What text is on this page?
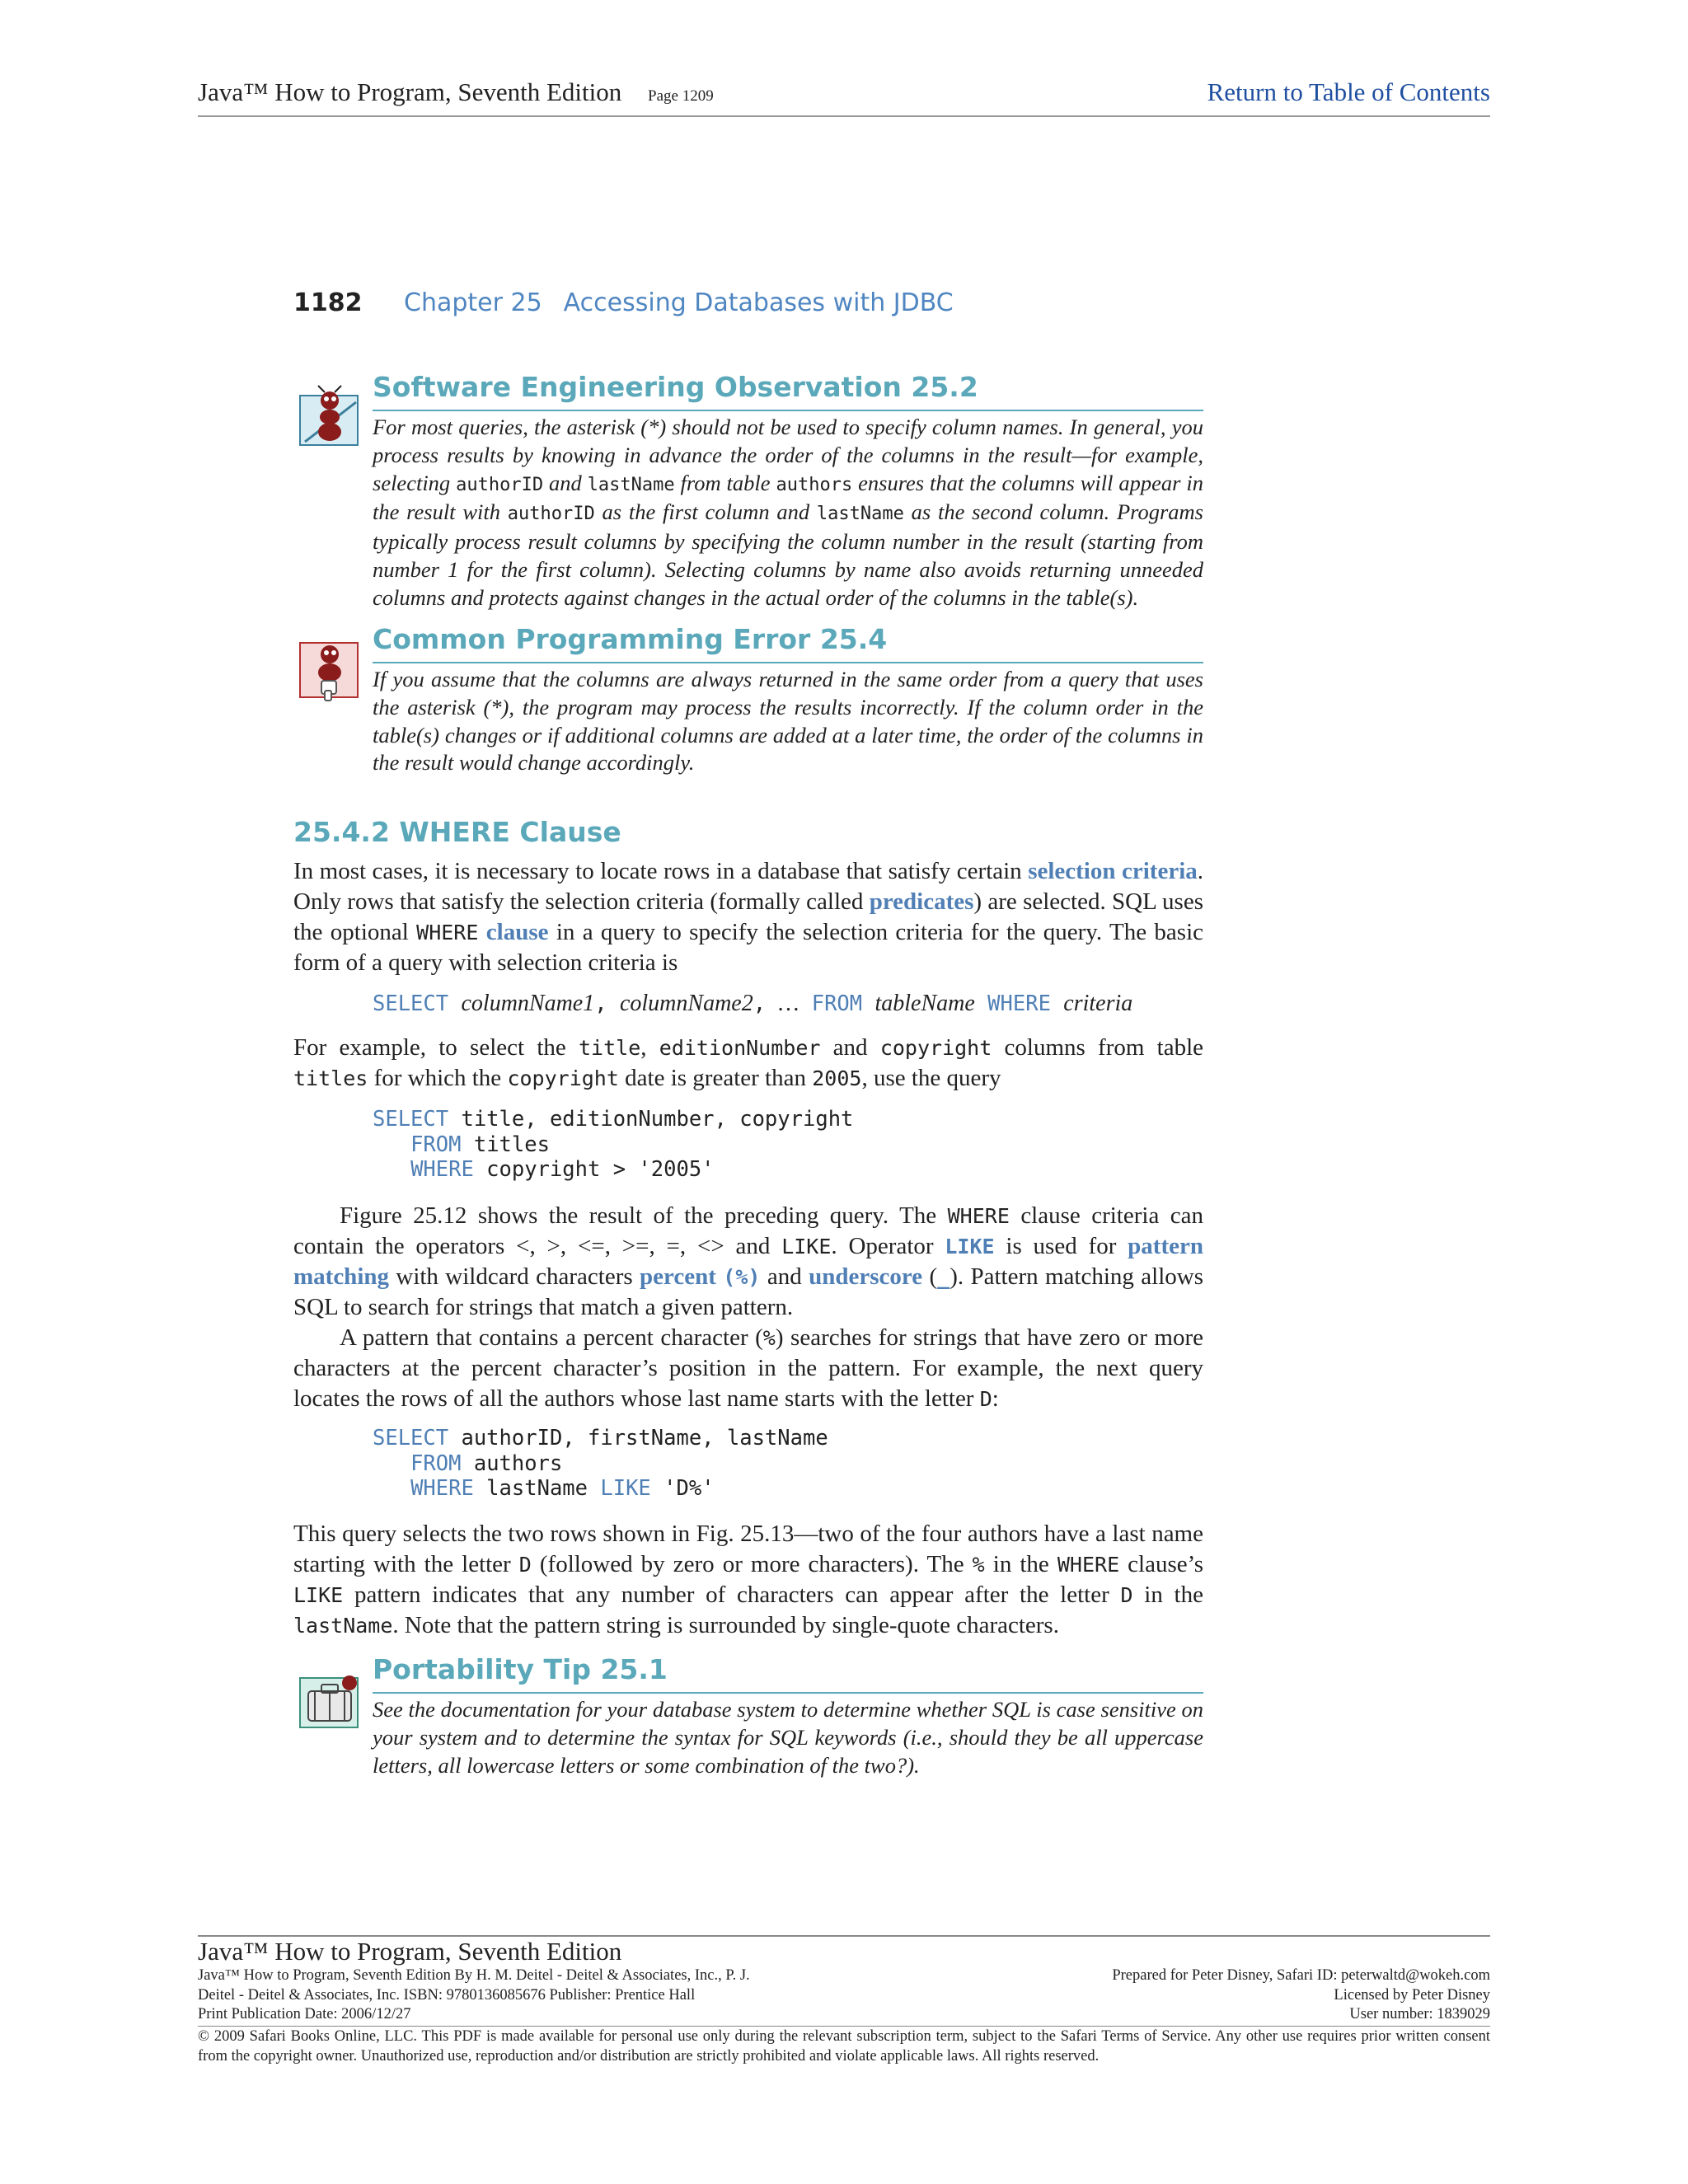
Java™ How to Program, Seventh Edition Page 1209	Return to Table of Contents
1182 Chapter 25 Accessing Databases with JDBC
Software Engineering Observation 25.2
For most queries, the asterisk (*) should not be used to specify column names. In general, you process results by knowing in advance the order of the columns in the result—for example, selecting authorID and lastName from table authors ensures that the columns will appear in the result with authorID as the first column and lastName as the second column. Programs typically process result columns by specifying the column number in the result (starting from number 1 for the first column). Selecting columns by name also avoids returning unneeded columns and protects against changes in the actual order of the columns in the table(s).
Common Programming Error 25.4
If you assume that the columns are always returned in the same order from a query that uses the asterisk (*), the program may process the results incorrectly. If the column order in the table(s) changes or if additional columns are added at a later time, the order of the columns in the result would change accordingly.
25.4.2 WHERE Clause
In most cases, it is necessary to locate rows in a database that satisfy certain selection criteria. Only rows that satisfy the selection criteria (formally called predicates) are selected. SQL uses the optional WHERE clause in a query to specify the selection criteria for the query. The basic form of a query with selection criteria is
SELECT columnName1, columnName2, … FROM tableName WHERE criteria
For example, to select the title, editionNumber and copyright columns from table titles for which the copyright date is greater than 2005, use the query
SELECT title, editionNumber, copyright
FROM titles
WHERE copyright > '2005'
Figure 25.12 shows the result of the preceding query. The WHERE clause criteria can contain the operators <, >, <=, >=, =, <> and LIKE. Operator LIKE is used for pattern matching with wildcard characters percent (%) and underscore (_). Pattern matching allows SQL to search for strings that match a given pattern.
A pattern that contains a percent character (%) searches for strings that have zero or more characters at the percent character’s position in the pattern. For example, the next query locates the rows of all the authors whose last name starts with the letter D:
SELECT authorID, firstName, lastName
FROM authors
WHERE lastName LIKE 'D%'
This query selects the two rows shown in Fig. 25.13—two of the four authors have a last name starting with the letter D (followed by zero or more characters). The % in the WHERE clause’s LIKE pattern indicates that any number of characters can appear after the letter D in the lastName. Note that the pattern string is surrounded by single-quote characters.
Portability Tip 25.1
See the documentation for your database system to determine whether SQL is case sensitive on your system and to determine the syntax for SQL keywords (i.e., should they be all uppercase letters, all lowercase letters or some combination of the two?).
Java™ How to Program, Seventh Edition
Java™ How to Program, Seventh Edition By H. M. Deitel - Deitel & Associates, Inc., P. J.
Deitel - Deitel & Associates, Inc. ISBN: 9780136085676 Publisher: Prentice Hall
Print Publication Date: 2006/12/27
Prepared for Peter Disney, Safari ID: peterwaltd@wokeh.com
Licensed by Peter Disney
User number: 1839029
© 2009 Safari Books Online, LLC. This PDF is made available for personal use only during the relevant subscription term, subject to the Safari Terms of Service. Any other use requires prior written consent from the copyright owner. Unauthorized use, reproduction and/or distribution are strictly prohibited and violate applicable laws. All rights reserved.
